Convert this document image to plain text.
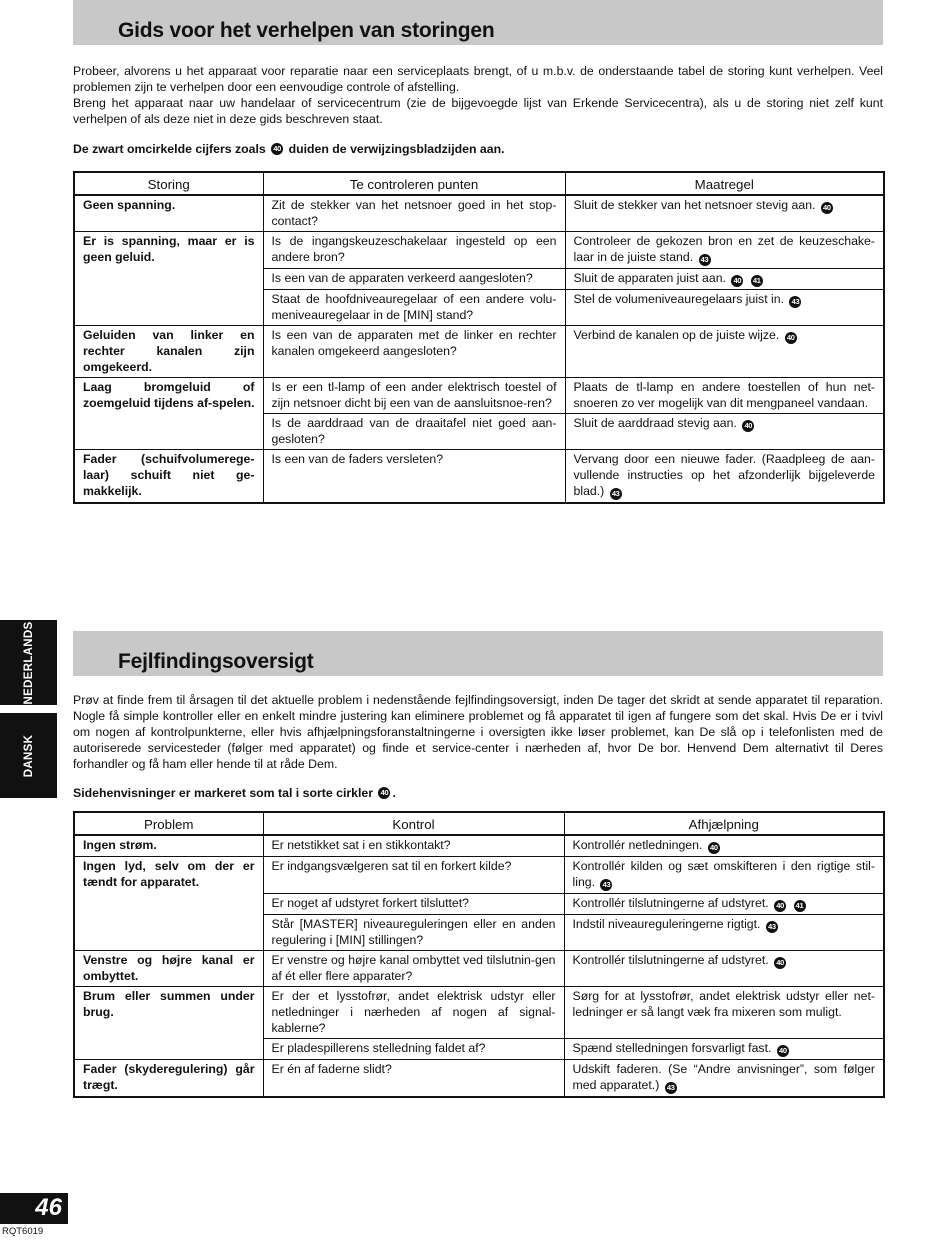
Gids voor het verhelpen van storingen

Probeer, alvorens u het apparaat voor reparatie naar een serviceplaats brengt, of u m.b.v. de onderstaande tabel de storing kunt verhelpen. Veel problemen zijn te verhelpen door een eenvoudige controle of afstelling.

Breng het apparaat naar uw handelaar of servicecentrum (zie de bijgevoegde lijst van Erkende Servicecentra), als u de storing niet zelf kunt verhelpen of als deze niet in deze gids beschreven staat.

De zwart omcirkelde cijfers zoals
40
duiden de verwijzingsbladzijden aan.
Storing	Te controleren punten	Maatregel
Geen spanning.	Zit de stekker van het netsnoer goed in het stop-contact?	Sluit de stekker van het netsnoer stevig aan. 40
Er is spanning, maar er is geen geluid.	Is de ingangskeuzeschakelaar ingesteld op een andere bron?	Controleer de gekozen bron en zet de keuzeschake-laar in de juiste stand. 43
	Is een van de apparaten verkeerd aangesloten?	Sluit de apparaten juist aan. 40 41
	Staat de hoofdniveauregelaar of een andere volu-meniveauregelaar in de [MIN] stand?	Stel de volumeniveauregelaars juist in. 43
Geluiden van linker en rechter kanalen zijn omgekeerd.	Is een van de apparaten met de linker en rechter kanalen omgekeerd aangesloten?	Verbind de kanalen op de juiste wijze. 40
Laag bromgeluid of zoemgeluid tijdens af-spelen.	Is er een tl-lamp of een ander elektrisch toestel of zijn netsnoer dicht bij een van de aansluitsnoe-ren?	Plaats de tl-lamp en andere toestellen of hun net-snoeren zo ver mogelijk van dit mengpaneel vandaan.
	Is de aarddraad van de draaitafel niet goed aan-gesloten?	Sluit de aarddraad stevig aan. 40
Fader (schuifvolumerege-laar) schuift niet ge-makkelijk.	Is een van de faders versleten?	Vervang door een nieuwe fader. (Raadpleeg de aan-vullende instructies op het afzonderlijk bijgeleverde blad.) 43
Fejlfindingsoversigt

Prøv at finde frem til årsagen til det aktuelle problem i nedenstående fejlfindingsoversigt, inden De tager det skridt at sende apparatet til reparation. Nogle få simple kontroller eller en enkelt mindre justering kan eliminere problemet og få apparatet til igen af fungere som det skal. Hvis De er i tvivl om nogen af kontrolpunkterne, eller hvis afhjælpningsforanstaltningerne i oversigten ikke løser problemet, kan De slå op i telefonlisten med de autoriserede servicesteder (følger med apparatet) og finde et service-center i nærheden af, hvor De bor. Henvend Dem alternativt til Deres forhandler og få ham eller hende til at råde Dem.

Sidehenvisninger er markeret som tal i sorte cirkler
40 .
Problem	Kontrol	Afhjælpning
Ingen strøm.	Er netstikket sat i en stikkontakt?	Kontrollér netledningen. 40
Ingen lyd, selv om der er tændt for apparatet.	Er indgangsvælgeren sat til en forkert kilde?	Kontrollér kilden og sæt omskifteren i den rigtige stil-ling. 43
	Er noget af udstyret forkert tilsluttet?	Kontrollér tilslutningerne af udstyret. 40 41
	Står [MASTER] niveaureguleringen eller en anden regulering i [MIN] stillingen?	Indstil niveaureguleringerne rigtigt. 43
Venstre og højre kanal er ombyttet.	Er venstre og højre kanal ombyttet ved tilslutnin-gen af ét eller flere apparater?	Kontrollér tilslutningerne af udstyret. 40
Brum eller summen under brug.	Er der et lysstofrør, andet elektrisk udstyr eller netledninger i nærheden af nogen af signal-kablerne?	Sørg for at lysstofrør, andet elektrisk udstyr eller net-ledninger er så langt væk fra mixeren som muligt.
	Er pladespillerens stelledning faldet af?	Spænd stelledningen forsvarligt fast. 40
Fader (skyderegulering) går trægt.	Er én af faderne slidt?	Udskift faderen. (Se “Andre anvisninger”, som følger med apparatet.) 43
NEDERLANDS
DANSK
46
RQT6019
